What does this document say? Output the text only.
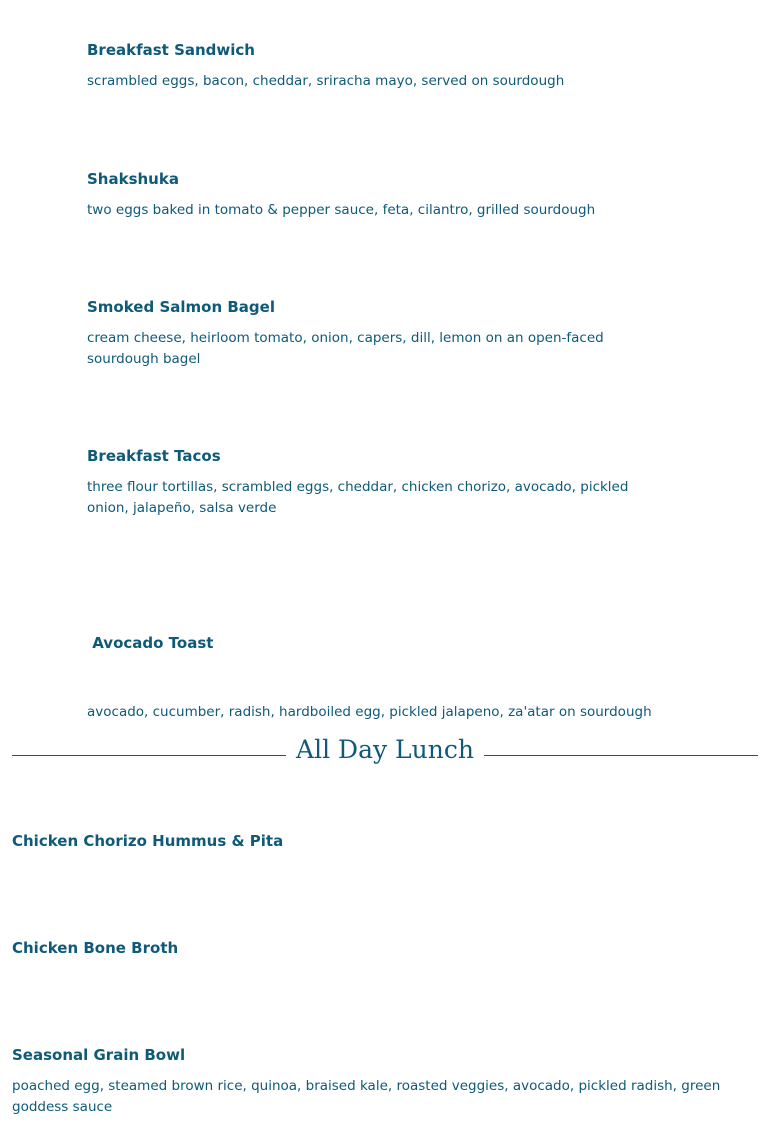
Breakfast Sandwich

scrambled eggs, bacon, cheddar, sriracha mayo, served on sourdough

Shakshuka

two eggs baked in tomato & pepper sauce, feta, cilantro, grilled sourdough

Smoked Salmon Bagel

cream cheese, heirloom tomato, onion, capers, dill, lemon on an open-faced sourdough bagel

Breakfast Tacos

three flour tortillas, scrambled eggs, cheddar, chicken chorizo, avocado, pickled onion, jalapeño, salsa verde

Avocado Toast

avocado, cucumber, radish, hardboiled egg, pickled jalapeno, za'atar on sourdough

All Day Lunch

Chicken Chorizo Hummus & Pita

Chicken Bone Broth

Seasonal Grain Bowl

poached egg, steamed brown rice, quinoa, braised kale, roasted veggies, avocado, pickled radish, green goddess sauce
